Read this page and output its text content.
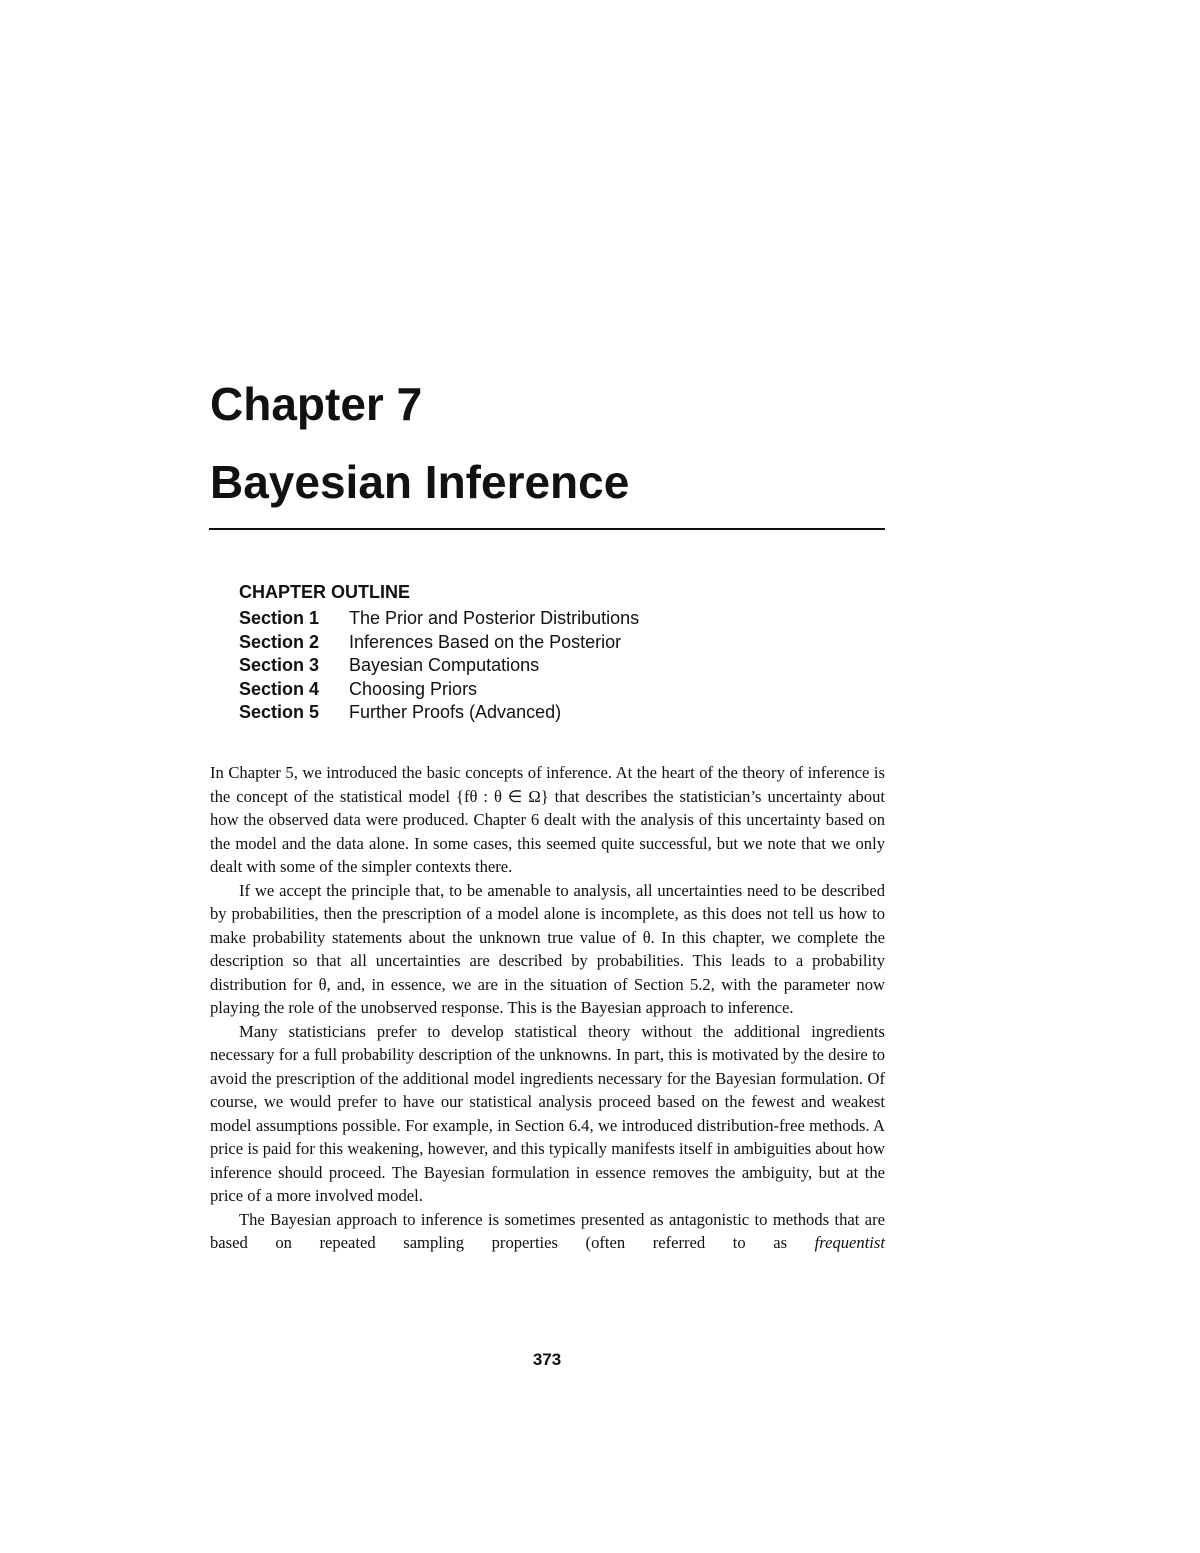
Chapter 7
Bayesian Inference
CHAPTER OUTLINE
Section 1	The Prior and Posterior Distributions
Section 2	Inferences Based on the Posterior
Section 3	Bayesian Computations
Section 4	Choosing Priors
Section 5	Further Proofs (Advanced)

In Chapter 5, we introduced the basic concepts of inference. At the heart of the theory of inference is the concept of the statistical model {fθ : θ ∈ Ω} that describes the statistician’s uncertainty about how the observed data were produced. Chapter 6 dealt with the analysis of this uncertainty based on the model and the data alone. In some cases, this seemed quite successful, but we note that we only dealt with some of the simpler contexts there.

If we accept the principle that, to be amenable to analysis, all uncertainties need to be described by probabilities, then the prescription of a model alone is incomplete, as this does not tell us how to make probability statements about the unknown true value of θ. In this chapter, we complete the description so that all uncertainties are described by probabilities. This leads to a probability distribution for θ, and, in essence, we are in the situation of Section 5.2, with the parameter now playing the role of the unobserved response. This is the Bayesian approach to inference.

Many statisticians prefer to develop statistical theory without the additional ingredients necessary for a full probability description of the unknowns. In part, this is motivated by the desire to avoid the prescription of the additional model ingredients necessary for the Bayesian formulation. Of course, we would prefer to have our statistical analysis proceed based on the fewest and weakest model assumptions possible. For example, in Section 6.4, we introduced distribution-free methods. A price is paid for this weakening, however, and this typically manifests itself in ambiguities about how inference should proceed. The Bayesian formulation in essence removes the ambiguity, but at the price of a more involved model.

The Bayesian approach to inference is sometimes presented as antagonistic to methods that are based on repeated sampling properties (often referred to as frequentist

373
